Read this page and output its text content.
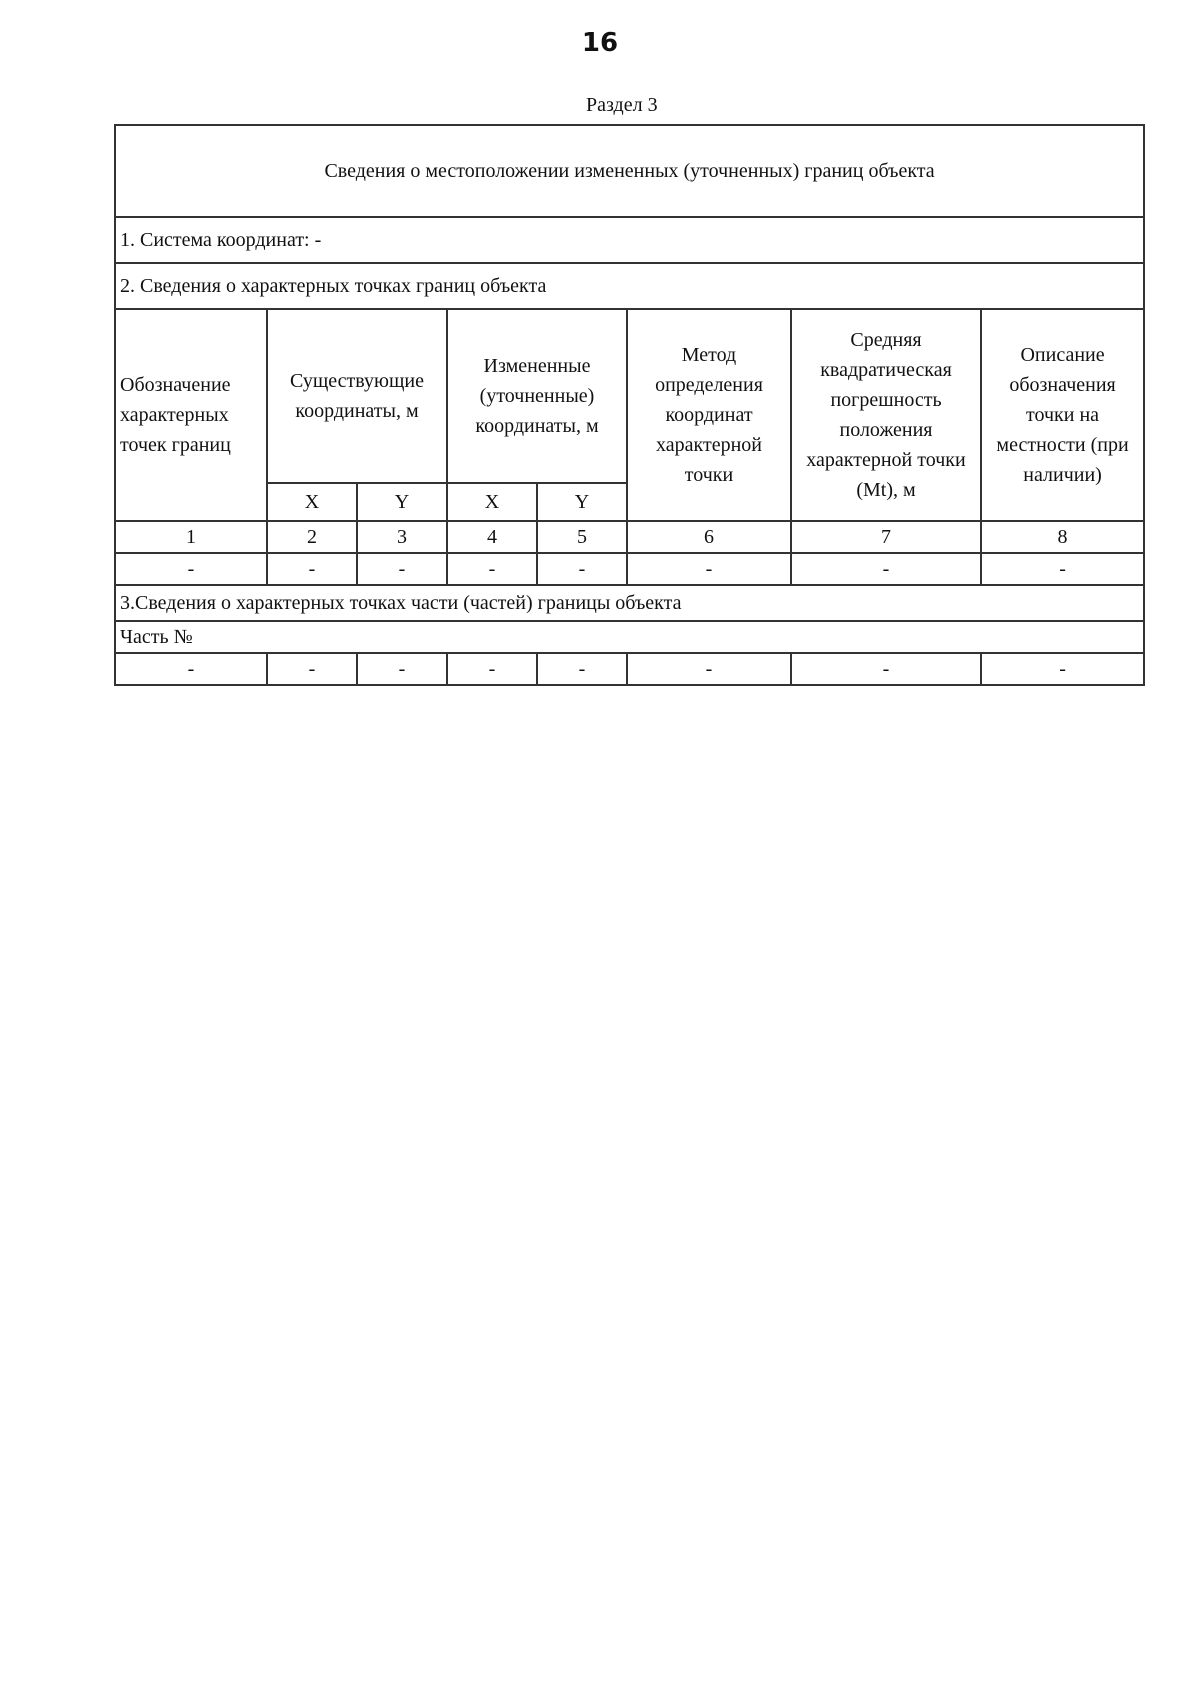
16
Раздел 3
Сведения о местоположении измененных (уточненных) границ объекта							
1. Система координат: -							
2. Сведения о характерных точках границ объекта							
Обозначение характерных точек границ	Существующие координаты, м		Измененные (уточненные) координаты, м		Метод определения координат характерной точки	Средняя квадратическая погрешность положения характерной точки (Mt), м	Описание обозначения точки на местности (при наличии)
	X	Y	X	Y			
1	2	3	4	5	6	7	8
-	-	-	-	-	-	-	-
3.Сведения о характерных точках части (частей) границы объекта							
Часть №							
-	-	-	-	-	-	-	-
